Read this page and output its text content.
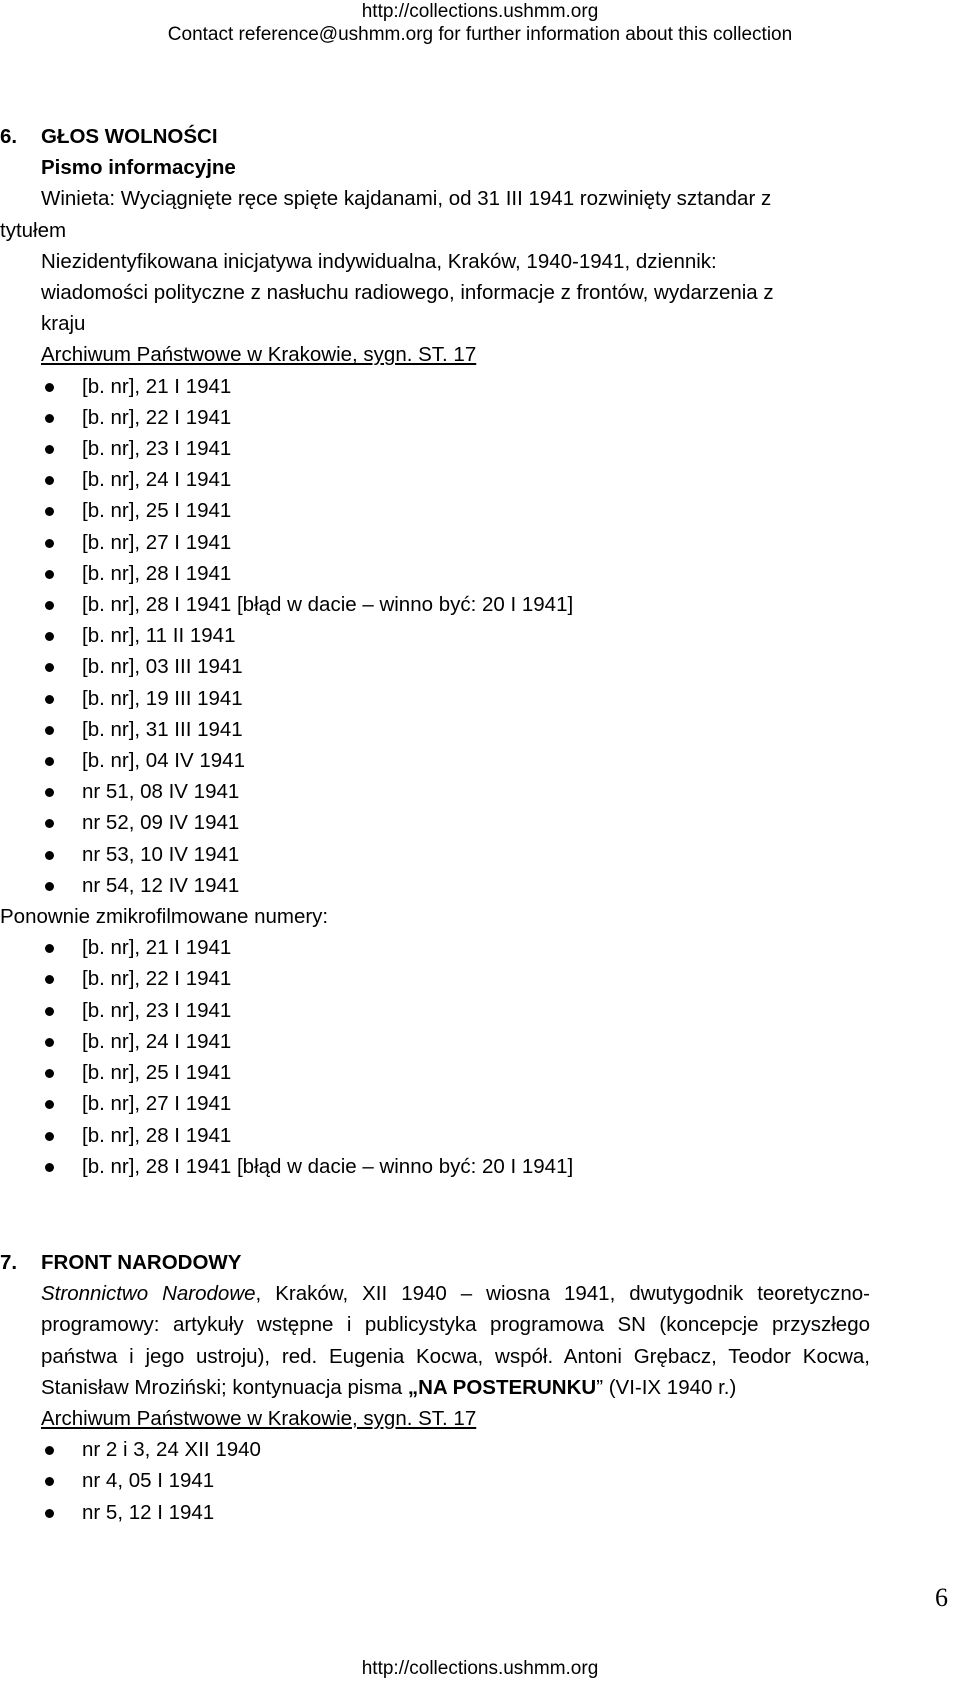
http://collections.ushmm.org
Contact reference@ushmm.org for further information about this collection
6. GŁOS WOLNOŚCI
Pismo informacyjne
Winieta: Wyciągnięte ręce spięte kajdanami, od 31 III 1941 rozwinięty sztandar z
tytułem
Niezidentyfikowana inicjatywa indywidualna, Kraków, 1940-1941, dziennik:
wiadomości polityczne z nasłuchu radiowego, informacje z frontów, wydarzenia z
kraju
Archiwum Państwowe w Krakowie, sygn. ST. 17
[b. nr], 21 I 1941
[b. nr], 22 I 1941
[b. nr], 23 I 1941
[b. nr], 24 I 1941
[b. nr], 25 I 1941
[b. nr], 27 I 1941
[b. nr], 28 I 1941
[b. nr], 28 I 1941 [błąd w dacie – winno być: 20 I 1941]
[b. nr], 11 II 1941
[b. nr], 03 III 1941
[b. nr], 19 III 1941
[b. nr], 31 III 1941
[b. nr], 04 IV 1941
nr 51, 08 IV 1941
nr 52, 09 IV 1941
nr 53, 10 IV 1941
nr 54, 12 IV 1941
Ponownie zmikrofilmowane numery:
[b. nr], 21 I 1941
[b. nr], 22 I 1941
[b. nr], 23 I 1941
[b. nr], 24 I 1941
[b. nr], 25 I 1941
[b. nr], 27 I 1941
[b. nr], 28 I 1941
[b. nr], 28 I 1941 [błąd w dacie – winno być: 20 I 1941]
7. FRONT NARODOWY
Stronnictwo Narodowe, Kraków, XII 1940 – wiosna 1941, dwutygodnik teoretyczno-programowy: artykuły wstępne i publicystyka programowa SN (koncepcje przyszłego państwa i jego ustroju), red. Eugenia Kocwa, współ. Antoni Grębacz, Teodor Kocwa, Stanisław Mroziński; kontynuacja pisma „NA POSTERUNKU” (VI-IX 1940 r.)
Archiwum Państwowe w Krakowie, sygn. ST. 17
nr 2 i 3, 24 XII 1940
nr 4, 05 I 1941
nr 5, 12 I 1941
6
http://collections.ushmm.org
